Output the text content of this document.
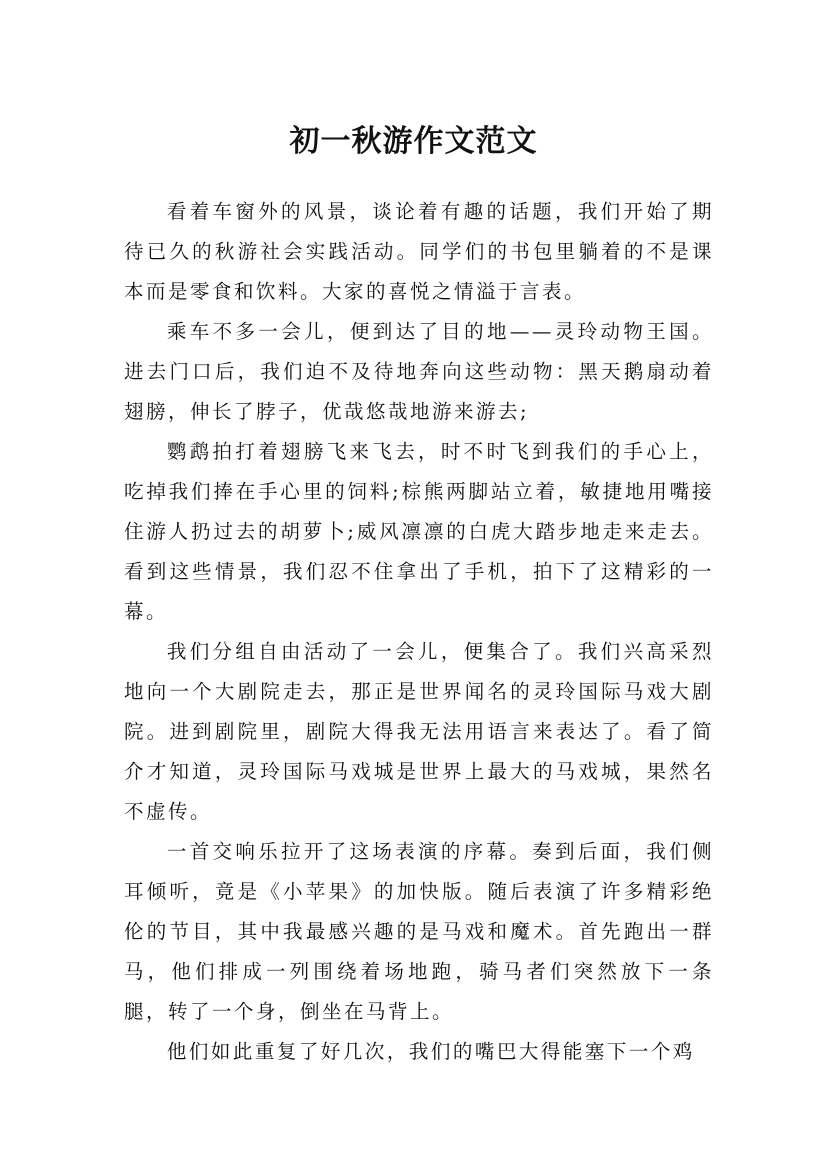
初一秋游作文范文

看着车窗外的风景，谈论着有趣的话题，我们开始了期待已久的秋游社会实践活动。同学们的书包里躺着的不是课本而是零食和饮料。大家的喜悦之情溢于言表。

乘车不多一会儿，便到达了目的地——灵玲动物王国。进去门口后，我们迫不及待地奔向这些动物：黑天鹅扇动着翅膀，伸长了脖子，优哉悠哉地游来游去;

鹦鹉拍打着翅膀飞来飞去，时不时飞到我们的手心上，吃掉我们捧在手心里的饲料;棕熊两脚站立着，敏捷地用嘴接住游人扔过去的胡萝卜;威风凛凛的白虎大踏步地走来走去。看到这些情景，我们忍不住拿出了手机，拍下了这精彩的一幕。

我们分组自由活动了一会儿，便集合了。我们兴高采烈地向一个大剧院走去，那正是世界闻名的灵玲国际马戏大剧院。进到剧院里，剧院大得我无法用语言来表达了。看了简介才知道，灵玲国际马戏城是世界上最大的马戏城，果然名不虚传。

一首交响乐拉开了这场表演的序幕。奏到后面，我们侧耳倾听，竟是《小苹果》的加快版。随后表演了许多精彩绝伦的节目，其中我最感兴趣的是马戏和魔术。首先跑出一群马，他们排成一列围绕着场地跑，骑马者们突然放下一条腿，转了一个身，倒坐在马背上。

他们如此重复了好几次，我们的嘴巴大得能塞下一个鸡
